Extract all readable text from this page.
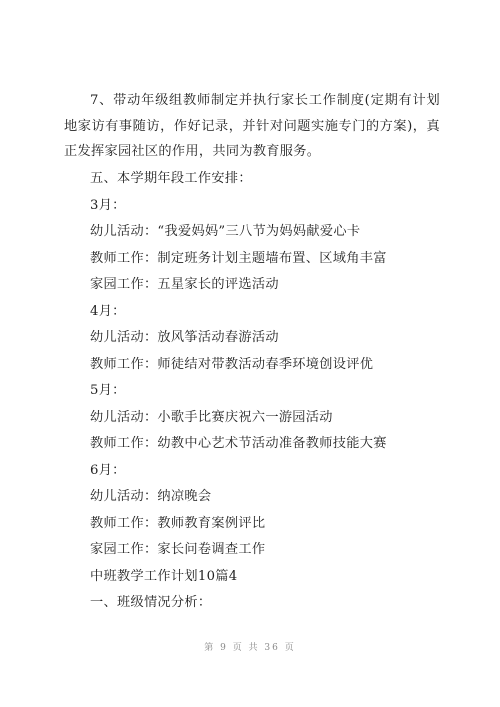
7、带动年级组教师制定并执行家长工作制度(定期有计划地家访有事随访，作好记录，并针对问题实施专门的方案)，真正发挥家园社区的作用，共同为教育服务。

五、本学期年段工作安排：

3月：

幼儿活动：“我爱妈妈”三八节为妈妈献爱心卡

教师工作：制定班务计划主题墙布置、区域角丰富

家园工作：五星家长的评选活动

4月：

幼儿活动：放风筝活动春游活动

教师工作：师徒结对带教活动春季环境创设评优

5月：

幼儿活动：小歌手比赛庆祝六一游园活动

教师工作：幼教中心艺术节活动准备教师技能大赛

6月：

幼儿活动：纳凉晚会

教师工作：教师教育案例评比

家园工作：家长问卷调查工作

中班教学工作计划10篇4

一、班级情况分析：

第 9 页 共 36 页
